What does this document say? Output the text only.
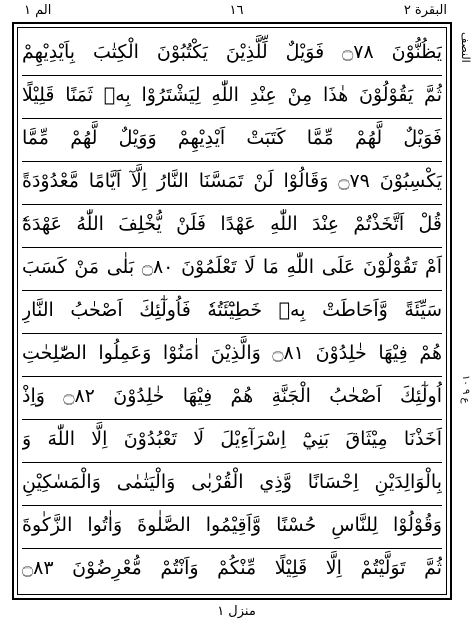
البقرة ٢
١٦
الم ١
النصف
ع ٩ ١٠
يَظُنُّوْنَ ۝٧٨ فَوَيْلٌ لِّلَّذِيْنَ يَكْتُبُوْنَ الْكِتٰبَ بِاَيْدِيْهِمْ
ثُمَّ يَقُوْلُوْنَ هٰذَا مِنْ عِنْدِ اللّٰهِ لِيَشْتَرُوْا بِهٖ ثَمَنًا قَلِيْلًا
فَوَيْلٌ لَّهُمْ مِّمَّا كَتَبَتْ اَيْدِيْهِمْ وَوَيْلٌ لَّهُمْ مِّمَّا
يَكْسِبُوْنَ ۝٧٩ وَقَالُوْا لَنْ تَمَسَّنَا النَّارُ اِلَّآ اَيَّامًا مَّعْدُوْدَةً
قُلْ اَتَّخَذْتُمْ عِنْدَ اللّٰهِ عَهْدًا فَلَنْ يُّخْلِفَ اللّٰهُ عَهْدَهٗٓ
اَمْ تَقُوْلُوْنَ عَلَى اللّٰهِ مَا لَا تَعْلَمُوْنَ ۝٨٠ بَلٰى مَنْ كَسَبَ
سَيِّئَةً وَّاَحَاطَتْ بِهٖ خَطِيْٓئَتُهٗ فَاُولٰٓئِكَ اَصْحٰبُ النَّارِ
هُمْ فِيْهَا خٰلِدُوْنَ ۝٨١ وَالَّذِيْنَ اٰمَنُوْا وَعَمِلُوا الصّٰلِحٰتِ
اُولٰٓئِكَ اَصْحٰبُ الْجَنَّةِ هُمْ فِيْهَا خٰلِدُوْنَ ۝٨٢ وَاِذْ
اَخَذْنَا مِيْثَاقَ بَنِيْٓ اِسْرَآءِيْلَ لَا تَعْبُدُوْنَ اِلَّا اللّٰهَ وَ
بِالْوَالِدَيْنِ اِحْسَانًا وَّذِي الْقُرْبٰى وَالْيَتٰمٰى وَالْمَسٰكِيْنِ
وَقُوْلُوْا لِلنَّاسِ حُسْنًا وَّاَقِيْمُوا الصَّلٰوةَ وَاٰتُوا الزَّكٰوةَ
ثُمَّ تَوَلَّيْتُمْ اِلَّا قَلِيْلًا مِّنْكُمْ وَاَنْتُمْ مُّعْرِضُوْنَ ۝٨٣
منزل ١
